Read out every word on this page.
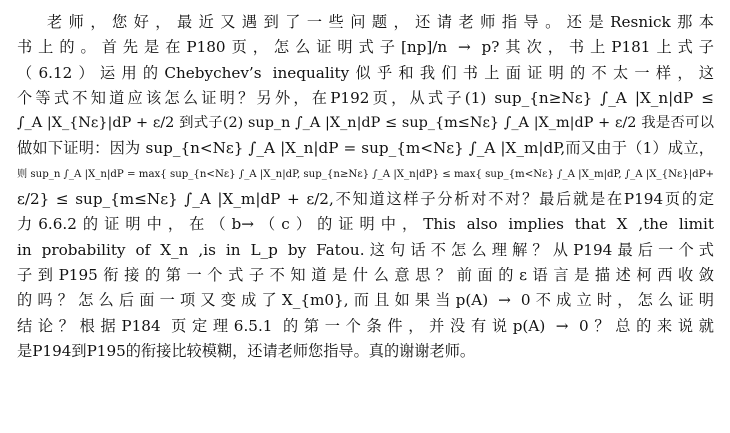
老师，您好，最近又遇到了一些问题，还请老师指导。还是Resnick那本
书上的。首先是在P180页，怎么证明式子[np]/n → p?其次，书上P181上式子
（6.12）运用的Chebychev’s inequality似乎和我们书上面证明的不太一样，这
个等式不知道应该怎么证明？另外，在P192页，从式子(1) sup_{n≥Nε} ∫_A |X_n|dP ≤
∫_A |X_{Nε}|dP + ε/2 到式子(2) sup_n ∫_A |X_n|dP ≤ sup_{m≤Nε} ∫_A |X_m|dP + ε/2 我是否可以
做如下证明：因为 sup_{n<Nε} ∫_A |X_n|dP = sup_{m<Nε} ∫_A |X_m|dP,而又由于（1）成立，
则 sup_n ∫_A |X_n|dP = max{ sup_{n<Nε} ∫_A |X_n|dP, sup_{n≥Nε} ∫_A |X_n|dP} ≤ max{ sup_{m<Nε} ∫_A |X_m|dP, ∫_A |X_{Nε}|dP+
ε/2} ≤ sup_{m≤Nε} ∫_A |X_m|dP + ε/2,不知道这样子分析对不对？最后就是在P194页的定
力6.6.2的证明中，在（b→（c）的证明中，This also implies that X ,the limit
in probability of X_n ,is in L_p by Fatou.这句话不怎么理解？从P194最后一个式
子到P195衔接的第一个式子不知道是什么意思？前面的ε语言是描述柯西收敛
的吗？怎么后面一项又变成了X_{m0},而且如果当p(A) → 0不成立时，怎么证明
结论？根据P184 页定理6.5.1 的第一个条件，并没有说p(A) → 0？总的来说就
是P194到P195的衔接比较模糊，还请老师您指导。真的谢谢老师。
